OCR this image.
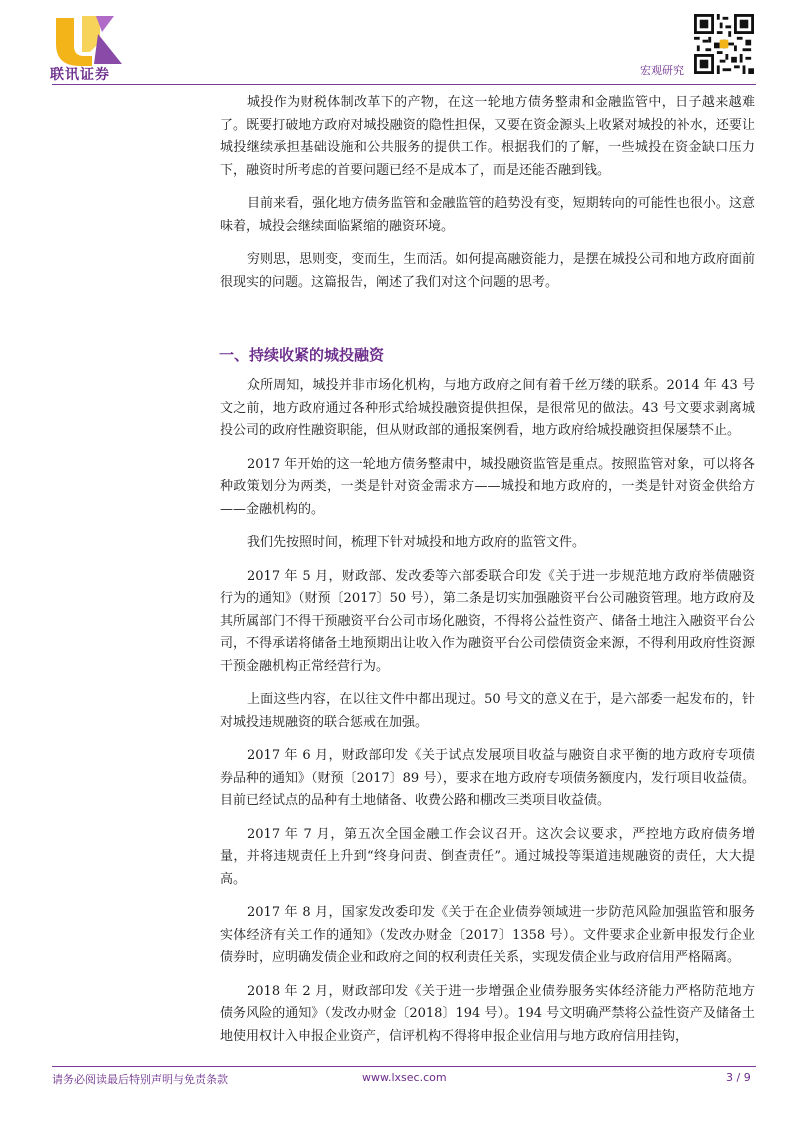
联讯证券	宏观研究

城投作为财税体制改革下的产物，在这一轮地方债务整肃和金融监管中，日子越来越难了。既要打破地方政府对城投融资的隐性担保，又要在资金源头上收紧对城投的补水，还要让城投继续承担基础设施和公共服务的提供工作。根据我们的了解，一些城投在资金缺口压力下，融资时所考虑的首要问题已经不是成本了，而是还能否融到钱。

目前来看，强化地方债务监管和金融监管的趋势没有变，短期转向的可能性也很小。这意味着，城投会继续面临紧缩的融资环境。

穷则思，思则变，变而生，生而活。如何提高融资能力，是摆在城投公司和地方政府面前很现实的问题。这篇报告，阐述了我们对这个问题的思考。

一、持续收紧的城投融资

众所周知，城投并非市场化机构，与地方政府之间有着千丝万缕的联系。2014 年 43 号文之前，地方政府通过各种形式给城投融资提供担保，是很常见的做法。43 号文要求剥离城投公司的政府性融资职能，但从财政部的通报案例看，地方政府给城投融资担保屡禁不止。

2017 年开始的这一轮地方债务整肃中，城投融资监管是重点。按照监管对象，可以将各种政策划分为两类，一类是针对资金需求方——城投和地方政府的，一类是针对资金供给方——金融机构的。

我们先按照时间，梳理下针对城投和地方政府的监管文件。

2017 年 5 月，财政部、发改委等六部委联合印发《关于进一步规范地方政府举债融资行为的通知》（财预〔2017〕50 号），第二条是切实加强融资平台公司融资管理。地方政府及其所属部门不得干预融资平台公司市场化融资，不得将公益性资产、储备土地注入融资平台公司，不得承诺将储备土地预期出让收入作为融资平台公司偿债资金来源，不得利用政府性资源干预金融机构正常经营行为。

上面这些内容，在以往文件中都出现过。50 号文的意义在于，是六部委一起发布的，针对城投违规融资的联合惩戒在加强。

2017 年 6 月，财政部印发《关于试点发展项目收益与融资自求平衡的地方政府专项债券品种的通知》（财预〔2017〕89 号），要求在地方政府专项债务额度内，发行项目收益债。目前已经试点的品种有土地储备、收费公路和棚改三类项目收益债。

2017 年 7 月，第五次全国金融工作会议召开。这次会议要求，严控地方政府债务增量，并将违规责任上升到“终身问责、倒查责任”。通过城投等渠道违规融资的责任，大大提高。

2017 年 8 月，国家发改委印发《关于在企业债券领域进一步防范风险加强监管和服务实体经济有关工作的通知》（发改办财金〔2017〕1358 号）。文件要求企业新申报发行企业债券时，应明确发债企业和政府之间的权利责任关系，实现发债企业与政府信用严格隔离。

2018 年 2 月，财政部印发《关于进一步增强企业债券服务实体经济能力严格防范地方债务风险的通知》（发改办财金〔2018〕194 号）。194 号文明确严禁将公益性资产及储备土地使用权计入申报企业资产，信评机构不得将申报企业信用与地方政府信用挂钩，

请务必阅读最后特别声明与免责条款	www.lxsec.com	3 / 9
